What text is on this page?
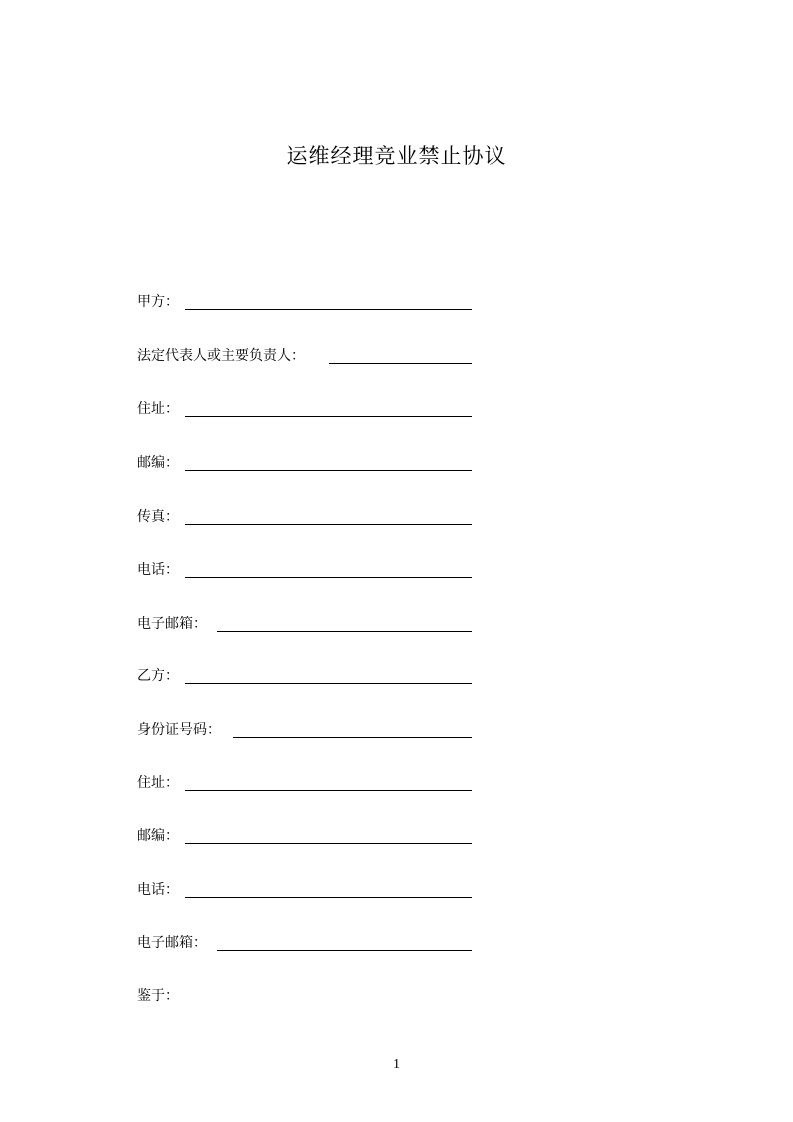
运维经理竞业禁止协议
甲方：
法定代表人或主要负责人：
住址：
邮编：
传真：
电话：
电子邮箱：
乙方：
身份证号码：
住址：
邮编：
电话：
电子邮箱：
鉴于：
1
